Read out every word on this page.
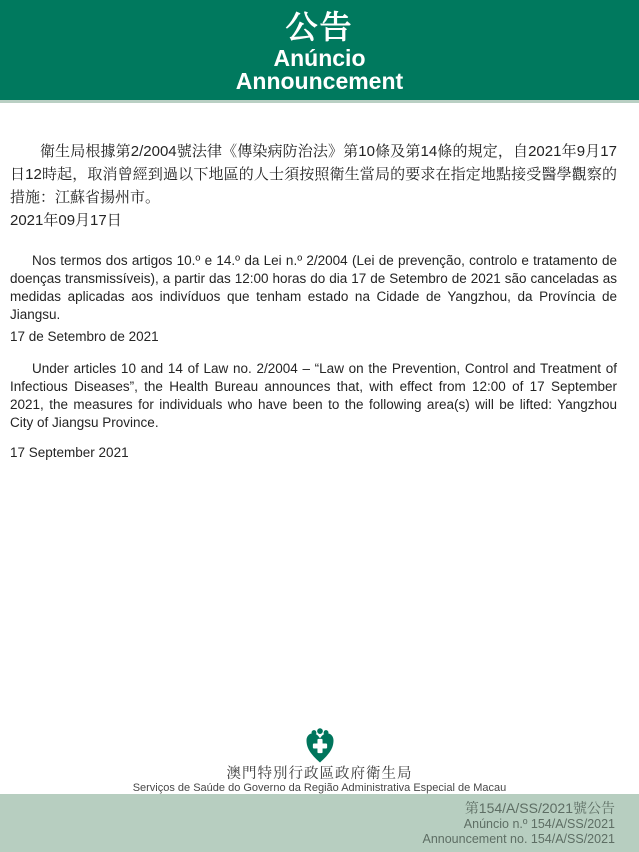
公告
Anúncio
Announcement

衛生局根據第2/2004號法律《傳染病防治法》第10條及第14條的規定，自2021年9月17日12時起，取消曾經到過以下地區的人士須按照衛生當局的要求在指定地點接受醫學觀察的措施：江蘇省揚州市。

2021年09月17日

Nos termos dos artigos 10.º e 14.º da Lei n.º 2/2004 (Lei de prevenção, controlo e tratamento de doenças transmissíveis), a partir das 12:00 horas do dia 17 de Setembro de 2021 são canceladas as medidas aplicadas aos indivíduos que tenham estado na Cidade de Yangzhou, da Província de Jiangsu.

17 de Setembro de 2021

Under articles 10 and 14 of Law no. 2/2004 – “Law on the Prevention, Control and Treatment of Infectious Diseases”, the Health Bureau announces that, with effect from 12:00 of 17 September 2021, the measures for individuals who have been to the following area(s) will be lifted: Yangzhou City of Jiangsu Province.

17 September 2021

澳門特別行政區政府衛生局
Serviços de Saúde do Governo da Região Administrativa Especial de Macau
第154/A/SS/2021號公告
Anúncio n.º 154/A/SS/2021
Announcement no. 154/A/SS/2021
